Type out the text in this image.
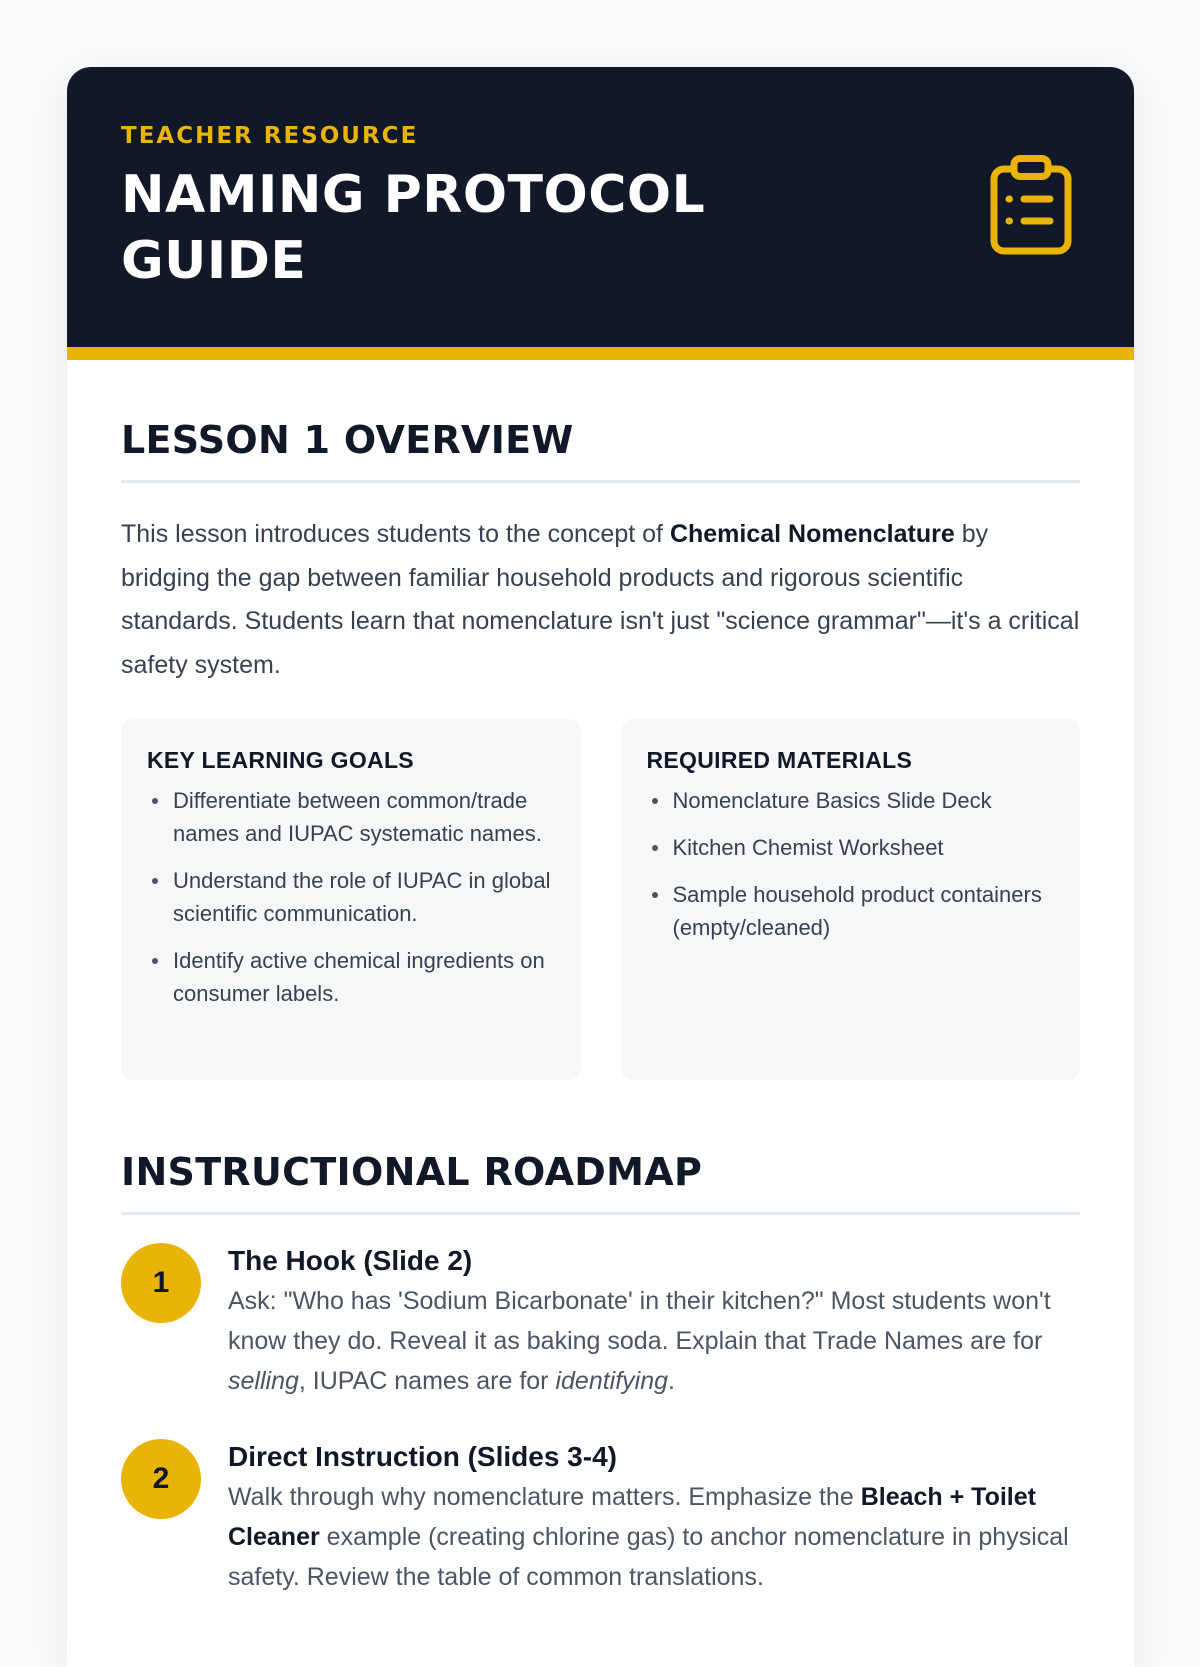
TEACHER RESOURCE

NAMING PROTOCOL
GUIDE
LESSON 1 OVERVIEW

This lesson introduces students to the concept of Chemical Nomenclature by bridging the gap between familiar household products and rigorous scientific standards. Students learn that nomenclature isn't just "science grammar"—it's a critical safety system.

KEY LEARNING GOALS
Differentiate between common/trade names and IUPAC systematic names.
Understand the role of IUPAC in global scientific communication.
Identify active chemical ingredients on consumer labels.
REQUIRED MATERIALS
Nomenclature Basics Slide Deck
Kitchen Chemist Worksheet
Sample household product containers (empty/cleaned)
INSTRUCTIONAL ROADMAP
1
The Hook (Slide 2)

Ask: "Who has 'Sodium Bicarbonate' in their kitchen?" Most students won't know they do. Reveal it as baking soda. Explain that Trade Names are for selling, IUPAC names are for identifying.

2
Direct Instruction (Slides 3-4)

Walk through why nomenclature matters. Emphasize the Bleach + Toilet Cleaner example (creating chlorine gas) to anchor nomenclature in physical safety. Review the table of common translations.
